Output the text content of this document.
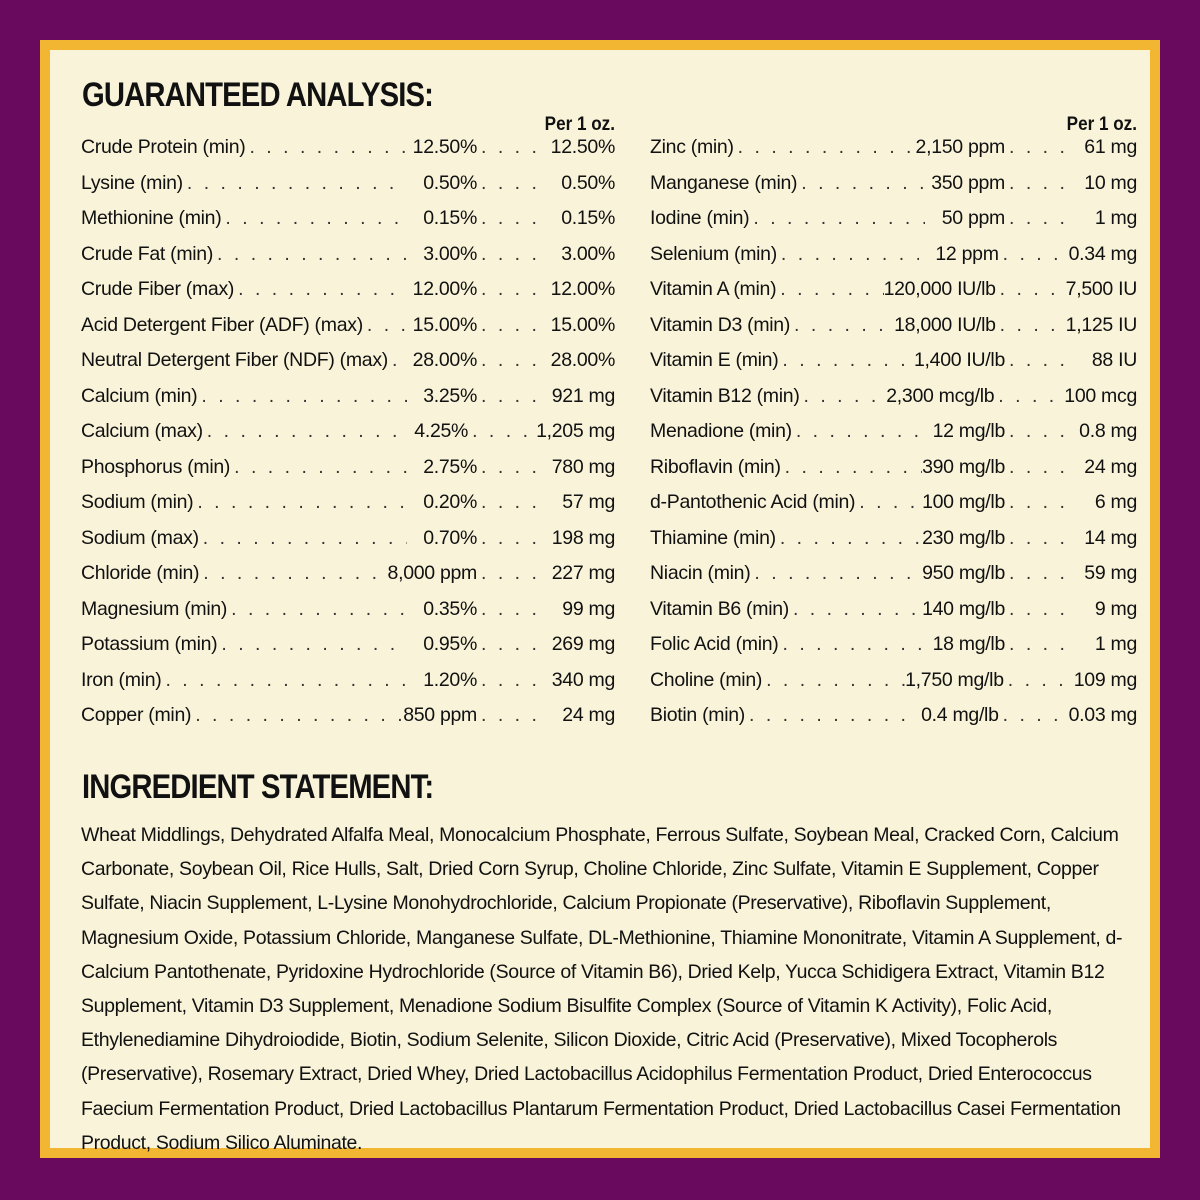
GUARANTEED ANALYSIS:
Per 1 oz.
Crude Protein (min) . . .	12.50% . . .	12.50%
Lysine (min) . . .	0.50% . . .	0.50%
Methionine (min) . . .	0.15% . . .	0.15%
Crude Fat (min) . . .	3.00% . . .	3.00%
Crude Fiber (max) . . .	12.00% . . .	12.00%
Acid Detergent Fiber (ADF) (max) . . .	15.00% . . .	15.00%
Neutral Detergent Fiber (NDF) (max) . . . 28.00% . . .	28.00%
Calcium (min) . . .	3.25% . . .	921 mg
Calcium (max) . . .	4.25% . . .	1,205 mg
Phosphorus (min) . . .	2.75% . . .	780 mg
Sodium (min) . . .	0.20% . . .	57 mg
Sodium (max) . . .	0.70% . . .	198 mg
Chloride (min) . . .	8,000 ppm . . .	227 mg
Magnesium (min) . . .	0.35% . . .	99 mg
Potassium (min) . . .	0.95% . . .	269 mg
Iron (min) . . .	1.20% . . .	340 mg
Copper (min) . . .	850 ppm . . .	24 mg
Per 1 oz.
Zinc (min) . . .	2,150 ppm . . .	61 mg
Manganese (min) . . .	350 ppm . . .	10 mg
Iodine (min) . . .	50 ppm . . .	1 mg
Selenium (min) . . .	12 ppm . . .	0.34 mg
Vitamin A (min) . . .	120,000 IU/lb . . .	7,500 IU
Vitamin D3 (min) . . .	18,000 IU/lb . . .	1,125 IU
Vitamin E (min) . . .	1,400 IU/lb . . .	88 IU
Vitamin B12 (min) . . .	2,300 mcg/lb . . .	100 mcg
Menadione (min) . . .	12 mg/lb . . .	0.8 mg
Riboflavin (min) . . .	390 mg/lb . . .	24 mg
d-Pantothenic Acid (min) . . .	100 mg/lb . . .	6 mg
Thiamine (min) . . .	230 mg/lb . . .	14 mg
Niacin (min) . . .	950 mg/lb . . .	59 mg
Vitamin B6 (min) . . .	140 mg/lb . . .	9 mg
Folic Acid (min) . . .	18 mg/lb . . .	1 mg
Choline (min) . . .	1,750 mg/lb . . .	109 mg
Biotin (min) . . .	0.4 mg/lb . . .	0.03 mg
INGREDIENT STATEMENT:

Wheat Middlings, Dehydrated Alfalfa Meal, Monocalcium Phosphate, Ferrous Sulfate, Soybean Meal, Cracked Corn, Calcium Carbonate, Soybean Oil, Rice Hulls, Salt, Dried Corn Syrup, Choline Chloride, Zinc Sulfate, Vitamin E Supplement, Copper Sulfate, Niacin Supplement, L-Lysine Monohydrochloride, Calcium Propionate (Preservative), Riboflavin Supplement, Magnesium Oxide, Potassium Chloride, Manganese Sulfate, DL-Methionine, Thiamine Mononitrate, Vitamin A Supplement, d-Calcium Pantothenate, Pyridoxine Hydrochloride (Source of Vitamin B6), Dried Kelp, Yucca Schidigera Extract, Vitamin B12 Supplement, Vitamin D3 Supplement, Menadione Sodium Bisulfite Complex (Source of Vitamin K Activity), Folic Acid, Ethylenediamine Dihydroiodide, Biotin, Sodium Selenite, Silicon Dioxide, Citric Acid (Preservative), Mixed Tocopherols (Preservative), Rosemary Extract, Dried Whey, Dried Lactobacillus Acidophilus Fermentation Product, Dried Enterococcus Faecium Fermentation Product, Dried Lactobacillus Plantarum Fermentation Product, Dried Lactobacillus Casei Fermentation Product, Sodium Silico Aluminate.
